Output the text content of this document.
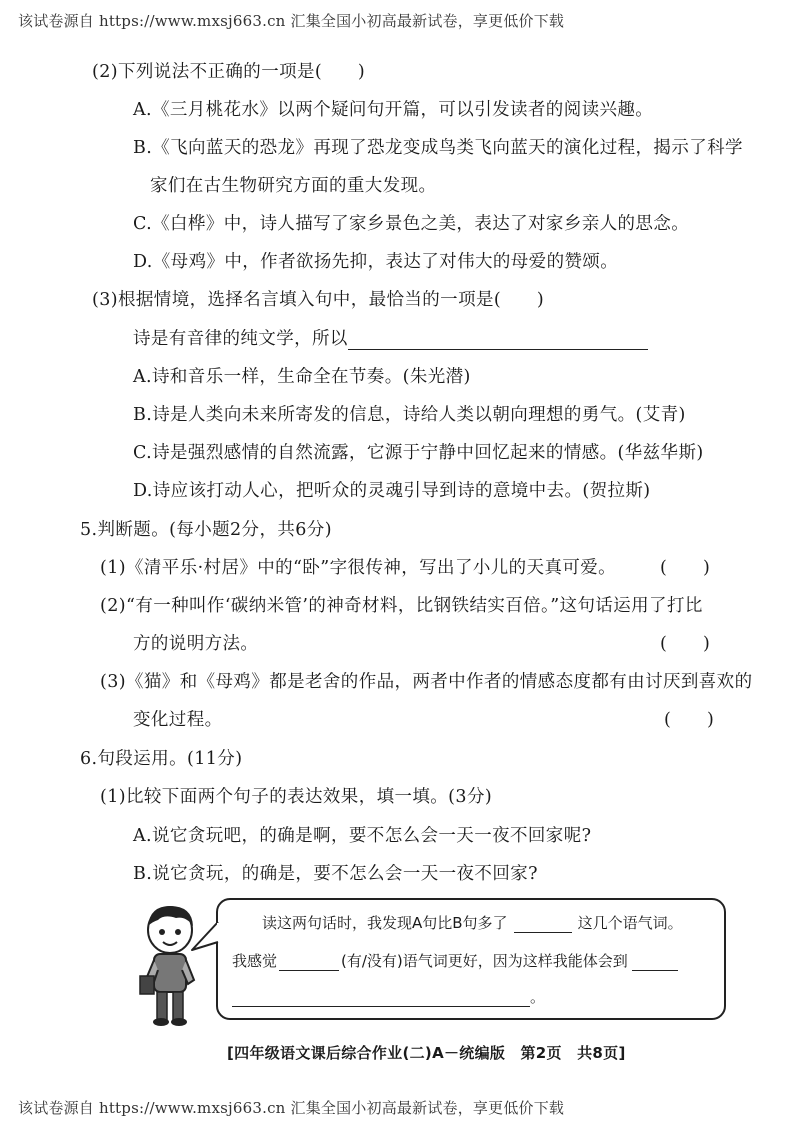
该试卷源自 https://www.mxsj663.cn 汇集全国小初高最新试卷，享更低价下载
(2)下列说法不正确的一项是(　　)
A.《三月桃花水》以两个疑问句开篇，可以引发读者的阅读兴趣。
B.《飞向蓝天的恐龙》再现了恐龙变成鸟类飞向蓝天的演化过程，揭示了科学
家们在古生物研究方面的重大发现。
C.《白桦》中，诗人描写了家乡景色之美，表达了对家乡亲人的思念。
D.《母鸡》中，作者欲扬先抑，表达了对伟大的母爱的赞颂。
(3)根据情境，选择名言填入句中，最恰当的一项是(　　)
诗是有音律的纯文学，所以
A.诗和音乐一样，生命全在节奏。(朱光潜)
B.诗是人类向未来所寄发的信息，诗给人类以朝向理想的勇气。(艾青)
C.诗是强烈感情的自然流露，它源于宁静中回忆起来的情感。(华兹华斯)
D.诗应该打动人心，把听众的灵魂引导到诗的意境中去。(贺拉斯)
5.判断题。(每小题2分，共6分)
(1)《清平乐·村居》中的“卧”字很传神，写出了小儿的天真可爱。	(　　)
(2)“有一种叫作‘碳纳米管’的神奇材料，比钢铁结实百倍。”这句话运用了打比
方的说明方法。	(　　)
(3)《猫》和《母鸡》都是老舍的作品，两者中作者的情感态度都有由讨厌到喜欢的
变化过程。	(　　)
6.句段运用。(11分)
(1)比较下面两个句子的表达效果，填一填。(3分)
A.说它贪玩吧，的确是啊，要不怎么会一天一夜不回家呢?
B.说它贪玩，的确是，要不怎么会一天一夜不回家?
读这两句话时，我发现A句比B句多了	这几个语气词。
我感觉	(有/没有)语气词更好，因为这样我能体会到
。
[四年级语文课后综合作业(二)A－统编版　第2页　共8页]
该试卷源自 https://www.mxsj663.cn 汇集全国小初高最新试卷，享更低价下载
